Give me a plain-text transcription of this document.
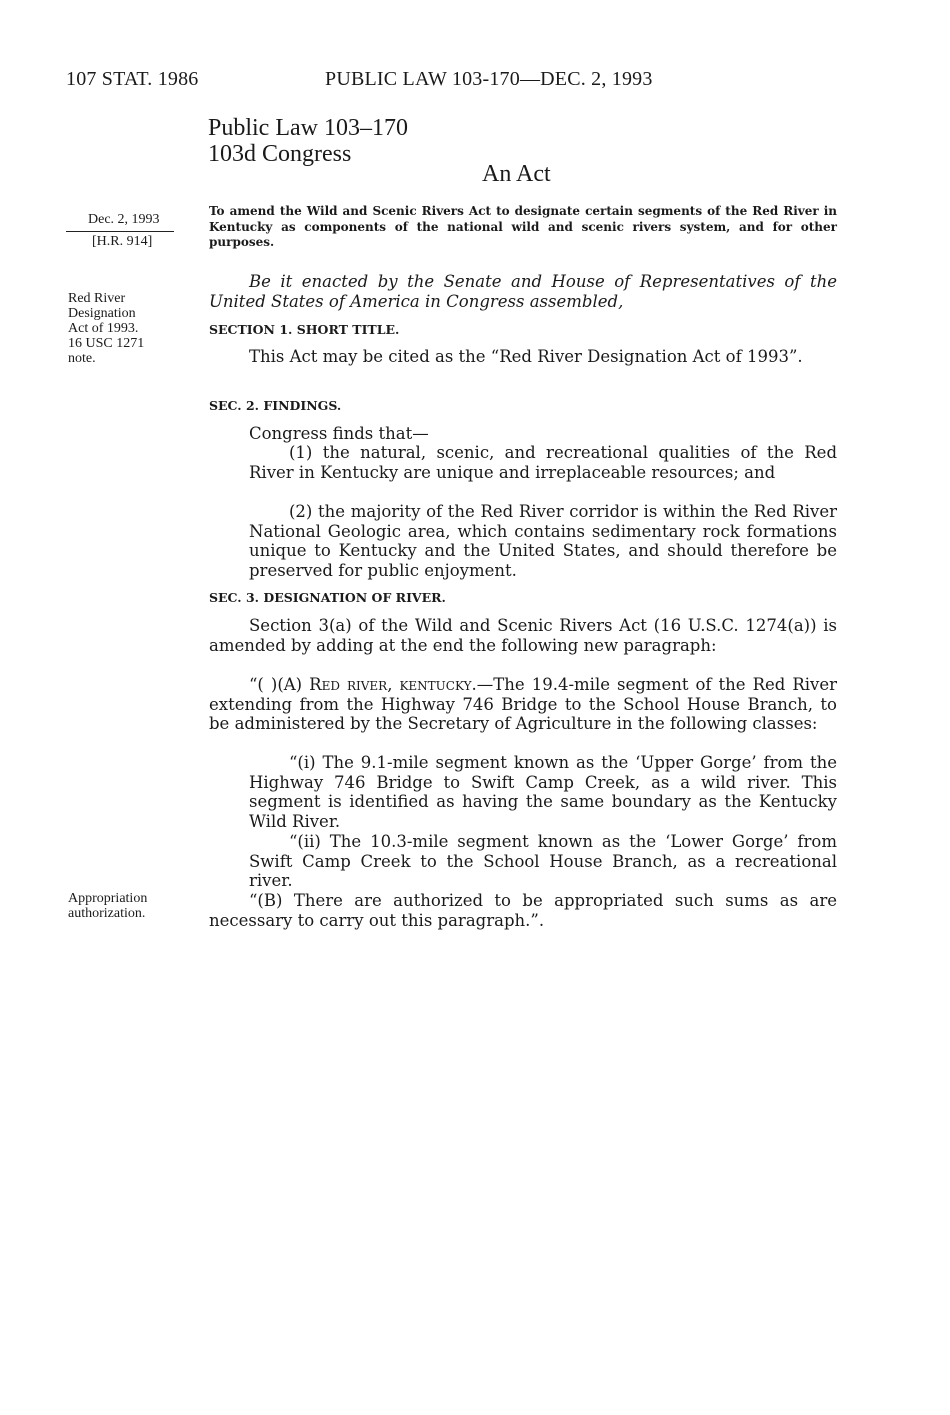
107 STAT. 1986	PUBLIC LAW 103-170—DEC. 2, 1993
Public Law 103–170
103d Congress
An Act
Dec. 2, 1993
[H.R. 914]
Red River
Designation
Act of 1993.
16 USC 1271
note.
Appropriation
authorization.
To amend the Wild and Scenic Rivers Act to designate certain segments of the Red River in Kentucky as components of the national wild and scenic rivers system, and for other purposes.
Be it enacted by the Senate and House of Representatives of the United States of America in Congress assembled,
SECTION 1. SHORT TITLE.
This Act may be cited as the “Red River Designation Act of 1993”.
SEC. 2. FINDINGS.
Congress finds that—
(1) the natural, scenic, and recreational qualities of the Red River in Kentucky are unique and irreplaceable resources; and
(2) the majority of the Red River corridor is within the Red River National Geologic area, which contains sedimentary rock formations unique to Kentucky and the United States, and should therefore be preserved for public enjoyment.
SEC. 3. DESIGNATION OF RIVER.
Section 3(a) of the Wild and Scenic Rivers Act (16 U.S.C. 1274(a)) is amended by adding at the end the following new paragraph:
“( )(A) Red river, kentucky.—The 19.4-mile segment of the Red River extending from the Highway 746 Bridge to the School House Branch, to be administered by the Secretary of Agriculture in the following classes:
“(i) The 9.1-mile segment known as the ‘Upper Gorge’ from the Highway 746 Bridge to Swift Camp Creek, as a wild river. This segment is identified as having the same boundary as the Kentucky Wild River.
“(ii) The 10.3-mile segment known as the ‘Lower Gorge’ from Swift Camp Creek to the School House Branch, as a recreational river.
“(B) There are authorized to be appropriated such sums as are necessary to carry out this paragraph.”.
